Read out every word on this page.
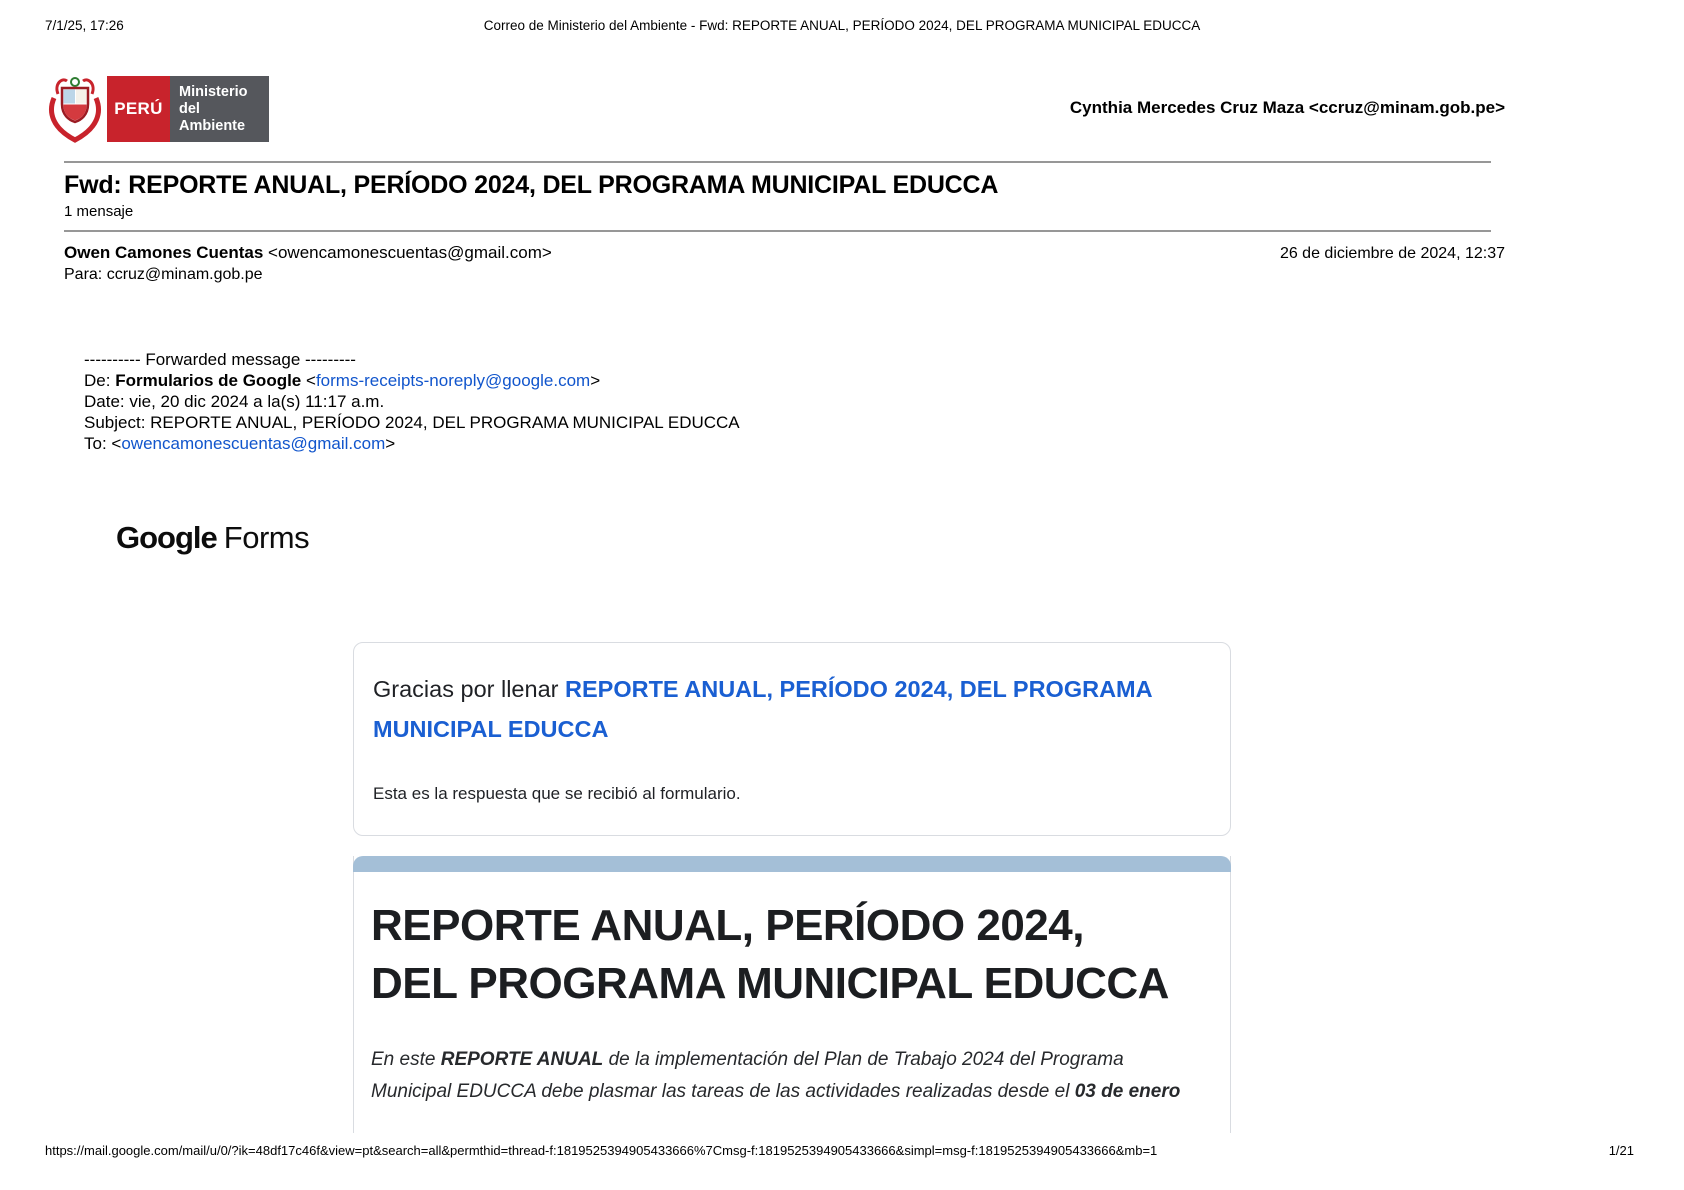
7/1/25, 17:26	Correo de Ministerio del Ambiente - Fwd: REPORTE ANUAL, PERÍODO 2024, DEL PROGRAMA MUNICIPAL EDUCCA
PERÚ
Ministerio
del Ambiente
Cynthia Mercedes Cruz Maza <ccruz@minam.gob.pe>
Fwd: REPORTE ANUAL, PERÍODO 2024, DEL PROGRAMA MUNICIPAL EDUCCA
1 mensaje
Owen Camones Cuentas <owencamonescuentas@gmail.com>	26 de diciembre de 2024, 12:37
Para: ccruz@minam.gob.pe
---------- Forwarded message ---------
De: Formularios de Google <forms-receipts-noreply@google.com>
Date: vie, 20 dic 2024 a la(s) 11:17 a.m.
Subject: REPORTE ANUAL, PERÍODO 2024, DEL PROGRAMA MUNICIPAL EDUCCA
To: <owencamonescuentas@gmail.com>
Google Forms
Gracias por llenar REPORTE ANUAL, PERÍODO 2024, DEL PROGRAMA MUNICIPAL EDUCCA
Esta es la respuesta que se recibió al formulario.
REPORTE ANUAL, PERÍODO 2024,
DEL PROGRAMA MUNICIPAL EDUCCA
En este REPORTE ANUAL de la implementación del Plan de Trabajo 2024 del Programa Municipal EDUCCA debe plasmar las tareas de las actividades realizadas desde el 03 de enero
https://mail.google.com/mail/u/0/?ik=48df17c46f&view=pt&search=all&permthid=thread-f:1819525394905433666%7Cmsg-f:1819525394905433666&simpl=msg-f:1819525394905433666&mb=1	1/21
